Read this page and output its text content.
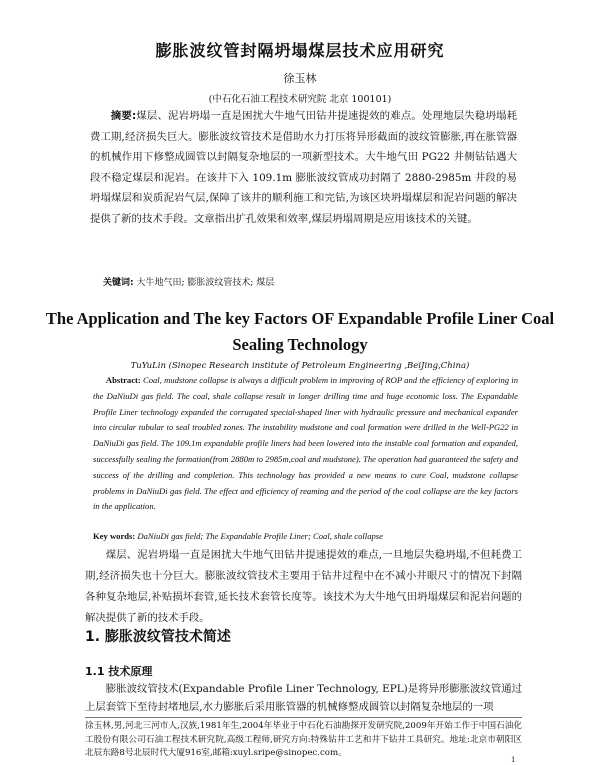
膨胀波纹管封隔坍塌煤层技术应用研究
徐玉林
(中石化石油工程技术研究院 北京 100101)

摘要:煤层、泥岩坍塌一直是困扰大牛地气田钻井提速提效的难点。处理地层失稳坍塌耗费工期,经济损失巨大。膨胀波纹管技术是借助水力打压将异形截面的波纹管膨胀,再在胀管器的机械作用下修整成圆管以封隔复杂地层的一项新型技术。大牛地气田 PG22 井侧钻钻遇大段不稳定煤层和泥岩。在该井下入 109.1m 膨胀波纹管成功封隔了 2880-2985m 井段的易坍塌煤层和炭质泥岩气层,保障了该井的顺利施工和完钻,为该区块坍塌煤层和泥岩问题的解决提供了新的技术手段。文章指出扩孔效果和效率,煤层坍塌周期是应用该技术的关键。

关键词: 大牛地气田; 膨胀波纹管技术; 煤层
The Application and The key Factors OF Expandable Profile Liner Coal Sealing Technology
TuYuLin (Sinopec Research institute of Petroleum Engineering ,BeiJing,China)

Abstract: Coal, mudstone collapse is always a difficult problem in improving of ROP and the efficiency of exploring in the DaNiuDi gas field. The coal, shale collapse result in longer drilling time and huge economic loss. The Expandable Profile Liner technology expanded the corrugated special-shaped liner with hydraulic pressure and mechanical expander into circular tubular to seal troubled zones. The instability mudstone and coal formation were drilled in the Well-PG22 in DaNiuDi gas field. The 109.1m expandable profile liners had been lowered into the instable coal formation and expanded, successfully sealing the formation(from 2880m to 2985m,coal and mudstone). The operation had guaranteed the safety and success of the drilling and completion. This technology has provided a new means to cure Coal, mudstone collapse problems in DaNiuDi gas field. The effect and efficiency of reaming and the period of the coal collapse are the key factors in the application.

Key words: DaNiuDi gas field; The Expandable Profile Liner; Coal, shale collapse

煤层、泥岩坍塌一直是困扰大牛地气田钻井提速提效的难点,一旦地层失稳坍塌,不但耗费工期,经济损失也十分巨大。膨胀波纹管技术主要用于钻井过程中在不减小井眼尺寸的情况下封隔各种复杂地层,补贴损坏套管,延长技术套管长度等。该技术为大牛地气田坍塌煤层和泥岩问题的解决提供了新的技术手段。

1. 膨胀波纹管技术简述
1.1 技术原理

膨胀波纹管技术(Expandable Profile Liner Technology, EPL)是将异形膨胀波纹管通过上层套管下至待封堵地层,水力膨胀后采用胀管器的机械修整成圆管以封隔复杂地层的一项

徐玉林,男,河北三河市人,汉族,1981年生,2004年毕业于中石化石油勘探开发研究院,2009年开始工作于中国石油化工股份有限公司石油工程技术研究院,高级工程师,研究方向:特殊钻井工艺和井下钻井工具研究。地址:北京市朝阳区北辰东路8号北辰时代大厦916室,邮箱:xuyl.sripe@sinopec.com。

1
